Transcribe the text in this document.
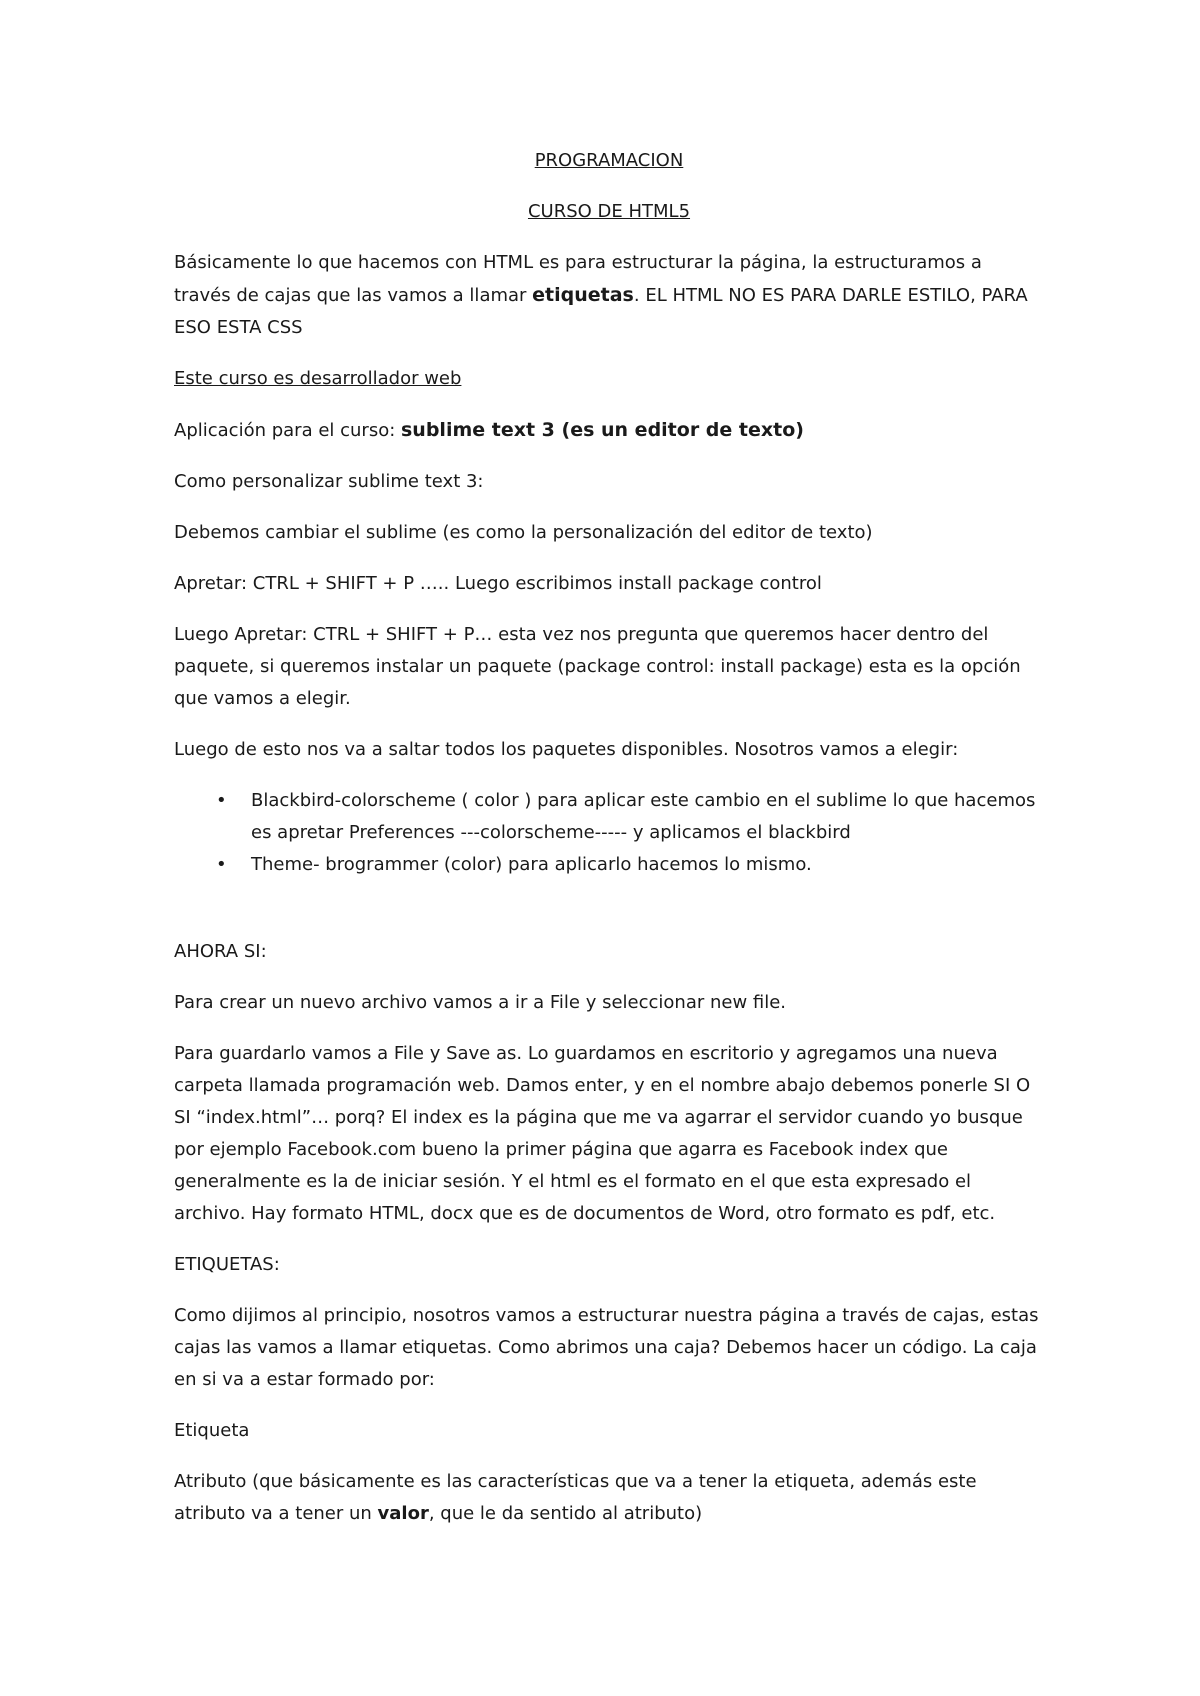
PROGRAMACION

CURSO DE HTML5

Básicamente lo que hacemos con HTML es para estructurar la página, la estructuramos a través de cajas que las vamos a llamar etiquetas. EL HTML NO ES PARA DARLE ESTILO, PARA ESO ESTA CSS

Este curso es desarrollador web

Aplicación para el curso: sublime text 3 (es un editor de texto)

Como personalizar sublime text 3:

Debemos cambiar el sublime (es como la personalización del editor de texto)

Apretar: CTRL + SHIFT + P ….. Luego escribimos install package control

Luego Apretar: CTRL + SHIFT + P… esta vez nos pregunta que queremos hacer dentro del paquete, si queremos instalar un paquete (package control: install package) esta es la opción que vamos a elegir.

Luego de esto nos va a saltar todos los paquetes disponibles. Nosotros vamos a elegir:

• Blackbird-colorscheme ( color ) para aplicar este cambio en el sublime lo que hacemos es apretar Preferences ---colorscheme----- y aplicamos el blackbird
• Theme- brogrammer (color) para aplicarlo hacemos lo mismo.

AHORA SI:

Para crear un nuevo archivo vamos a ir a File y seleccionar new file.

Para guardarlo vamos a File y Save as. Lo guardamos en escritorio y agregamos una nueva carpeta llamada programación web. Damos enter, y en el nombre abajo debemos ponerle SI O SI “index.html”… porq? El index es la página que me va agarrar el servidor cuando yo busque por ejemplo Facebook.com bueno la primer página que agarra es Facebook index que generalmente es la de iniciar sesión. Y el html es el formato en el que esta expresado el archivo. Hay formato HTML, docx que es de documentos de Word, otro formato es pdf, etc.

ETIQUETAS:

Como dijimos al principio, nosotros vamos a estructurar nuestra página a través de cajas, estas cajas las vamos a llamar etiquetas. Como abrimos una caja? Debemos hacer un código. La caja en si va a estar formado por:

Etiqueta

Atributo (que básicamente es las características que va a tener la etiqueta, además este atributo va a tener un valor, que le da sentido al atributo)
